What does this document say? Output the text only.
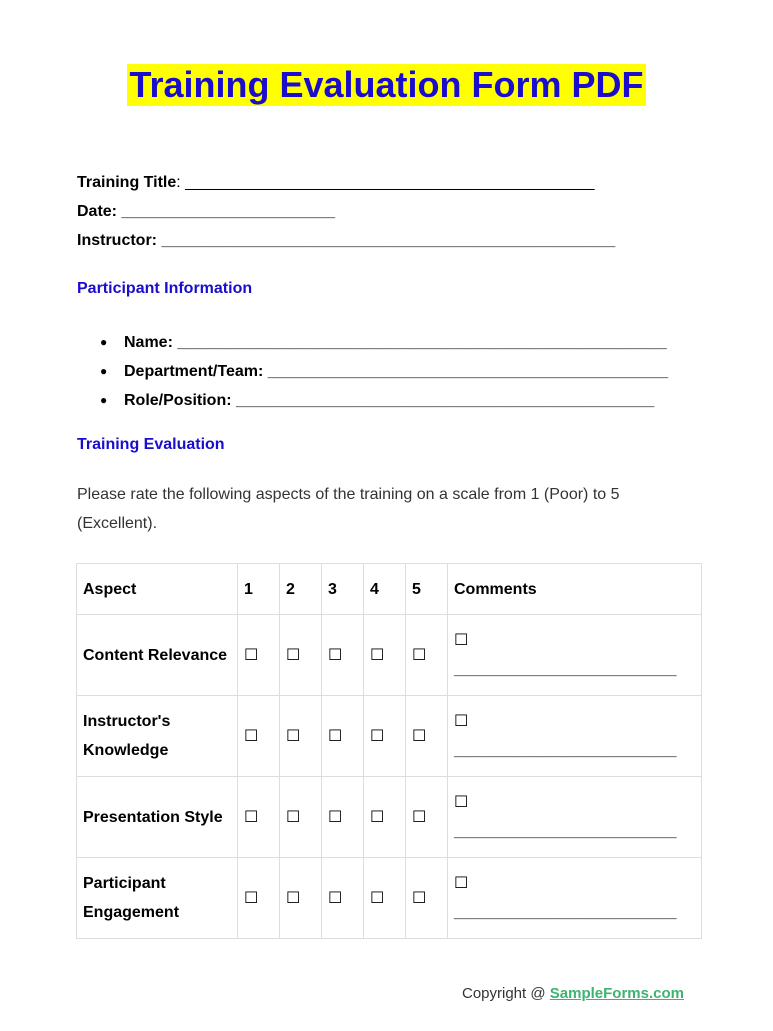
Training Evaluation Form PDF
Training Title: ______________________________________________
Date: ________________________
Instructor: ___________________________________________________
Participant Information
● Name: _______________________________________________________
● Department/Team: _____________________________________________
● Role/Position: _______________________________________________
Training Evaluation
Please rate the following aspects of the training on a scale from 1 (Poor) to 5 (Excellent).
Aspect	1	2	3	4	5	Comments
Content Relevance	☐	☐	☐	☐	☐	☐
_________________________
Instructor's Knowledge	☐	☐	☐	☐	☐	☐
_________________________
Presentation Style	☐	☐	☐	☐	☐	☐
_________________________
Participant Engagement	☐	☐	☐	☐	☐	☐
_________________________
Copyright @ SampleForms.com
